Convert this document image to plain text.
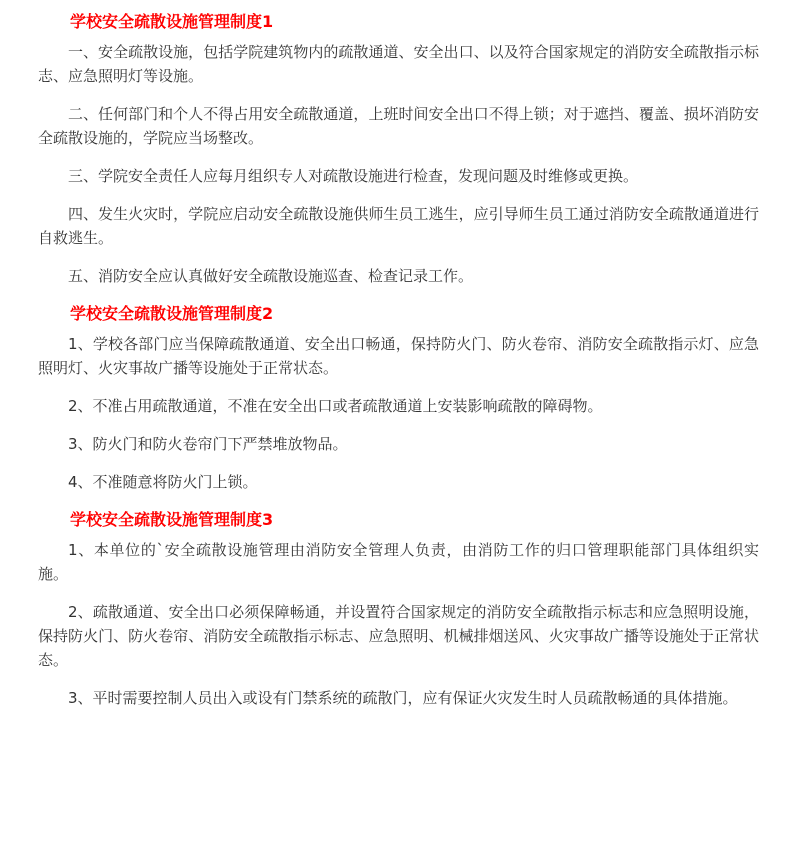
学校安全疏散设施管理制度1

一、安全疏散设施，包括学院建筑物内的疏散通道、安全出口、以及符合国家规定的消防安全疏散指示标志、应急照明灯等设施。

二、任何部门和个人不得占用安全疏散通道，上班时间安全出口不得上锁；对于遮挡、覆盖、损坏消防安全疏散设施的，学院应当场整改。

三、学院安全责任人应每月组织专人对疏散设施进行检查，发现问题及时维修或更换。

四、发生火灾时，学院应启动安全疏散设施供师生员工逃生，应引导师生员工通过消防安全疏散通道进行自救逃生。

五、消防安全应认真做好安全疏散设施巡查、检查记录工作。

学校安全疏散设施管理制度2

1、学校各部门应当保障疏散通道、安全出口畅通，保持防火门、防火卷帘、消防安全疏散指示灯、应急照明灯、火灾事故广播等设施处于正常状态。

2、不准占用疏散通道，不准在安全出口或者疏散通道上安装影响疏散的障碍物。

3、防火门和防火卷帘门下严禁堆放物品。

4、不准随意将防火门上锁。

学校安全疏散设施管理制度3

1、本单位的`安全疏散设施管理由消防安全管理人负责，由消防工作的归口管理职能部门具体组织实施。

2、疏散通道、安全出口必须保障畅通，并设置符合国家规定的消防安全疏散指示标志和应急照明设施，保持防火门、防火卷帘、消防安全疏散指示标志、应急照明、机械排烟送风、火灾事故广播等设施处于正常状态。

3、平时需要控制人员出入或设有门禁系统的疏散门，应有保证火灾发生时人员疏散畅通的具体措施。
